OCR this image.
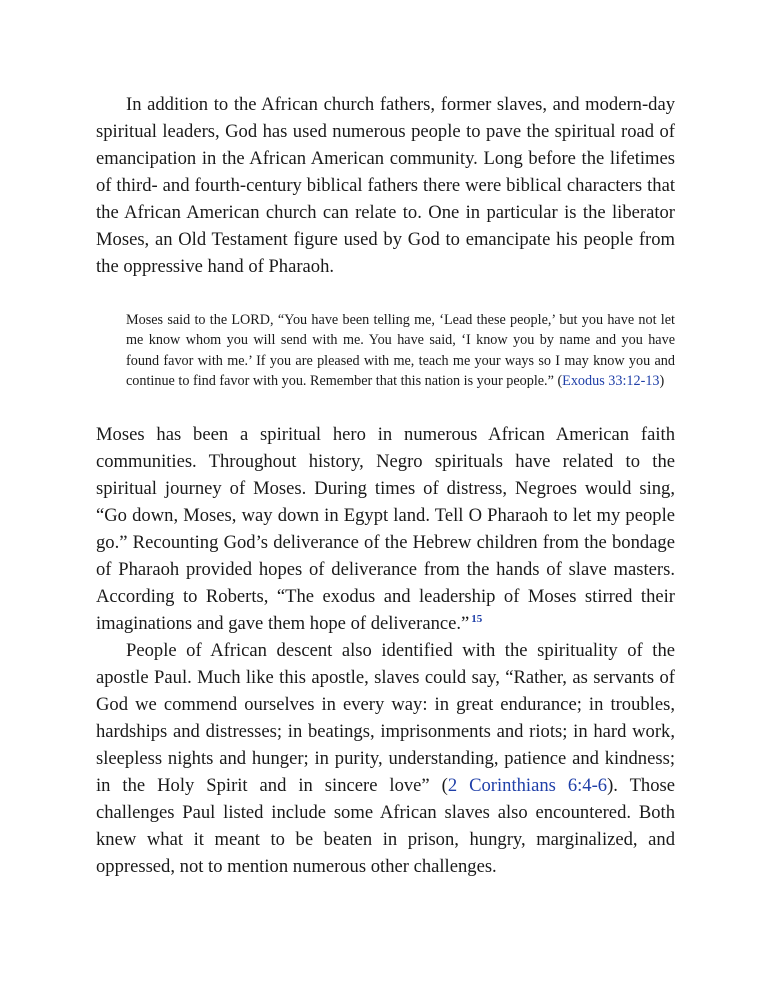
In addition to the African church fathers, former slaves, and modern-day spiritual leaders, God has used numerous people to pave the spiritual road of emancipation in the African American community. Long before the lifetimes of third- and fourth-century biblical fathers there were biblical characters that the African American church can relate to. One in particular is the liberator Moses, an Old Testament figure used by God to emancipate his people from the oppressive hand of Pharaoh.

Moses said to the LORD, “You have been telling me, ‘Lead these people,’ but you have not let me know whom you will send with me. You have said, ‘I know you by name and you have found favor with me.’ If you are pleased with me, teach me your ways so I may know you and continue to find favor with you. Remember that this nation is your people.” (Exodus 33:12-13)

Moses has been a spiritual hero in numerous African American faith communities. Throughout history, Negro spirituals have related to the spiritual journey of Moses. During times of distress, Negroes would sing, “Go down, Moses, way down in Egypt land. Tell O Pharaoh to let my people go.” Recounting God’s deliverance of the Hebrew children from the bondage of Pharaoh provided hopes of deliverance from the hands of slave masters. According to Roberts, “The exodus and leadership of Moses stirred their imaginations and gave them hope of deliverance.” $^{15}$

People of African descent also identified with the spirituality of the apostle Paul. Much like this apostle, slaves could say, “Rather, as servants of God we commend ourselves in every way: in great endurance; in troubles, hardships and distresses; in beatings, imprisonments and riots; in hard work, sleepless nights and hunger; in purity, understanding, patience and kindness; in the Holy Spirit and in sincere love” (2 Corinthians 6:4-6). Those challenges Paul listed include some African slaves also encountered. Both knew what it meant to be beaten in prison, hungry, marginalized, and oppressed, not to mention numerous other challenges.
